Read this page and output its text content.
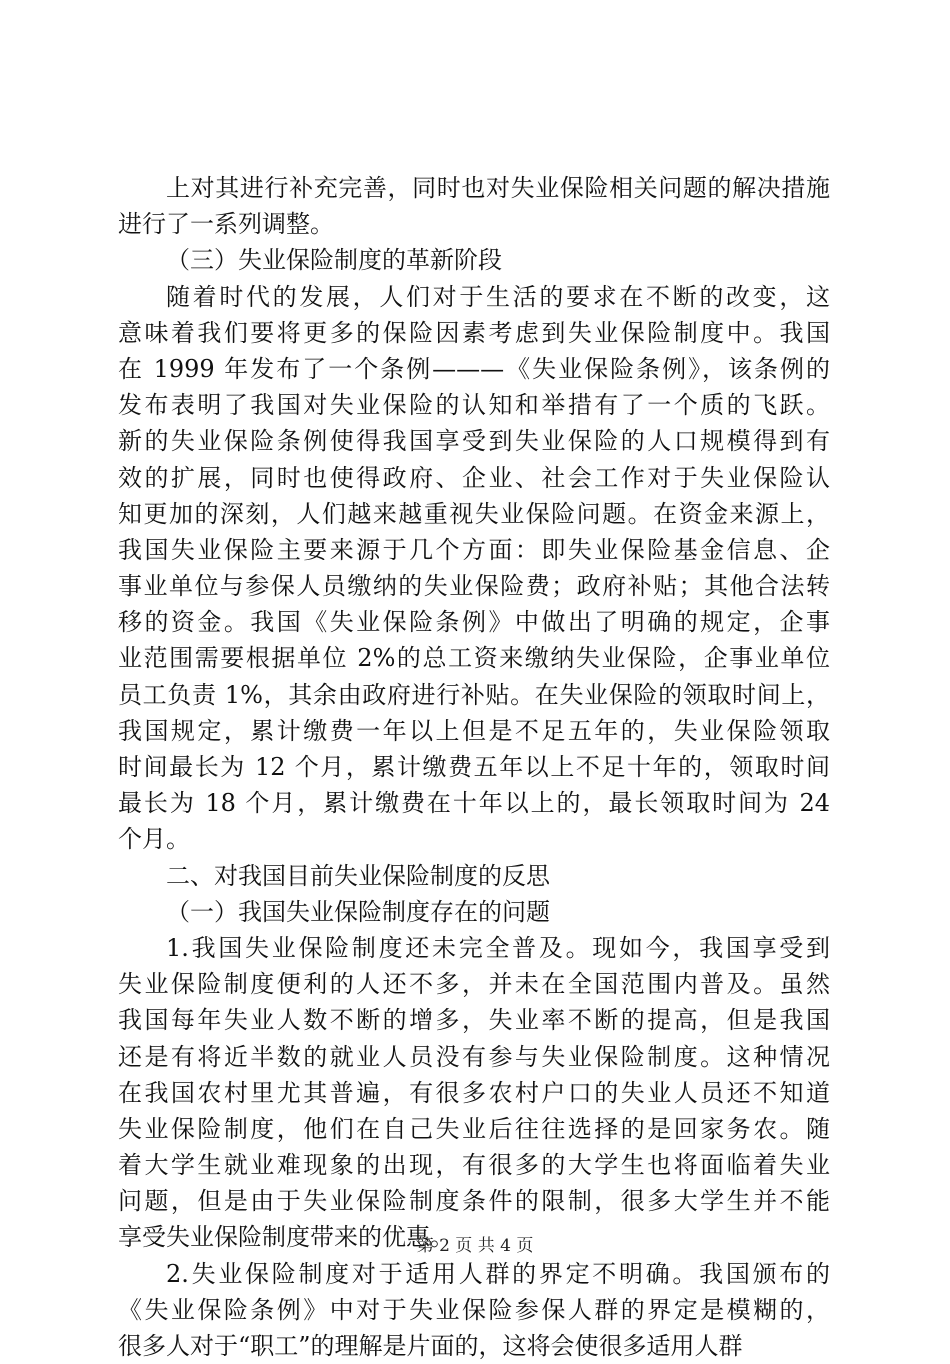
上对其进行补充完善，同时也对失业保险相关问题的解决措施
进行了一系列调整。
（三）失业保险制度的革新阶段
随着时代的发展，人们对于生活的要求在不断的改变，这
意味着我们要将更多的保险因素考虑到失业保险制度中。我国
在 1999 年发布了一个条例———《失业保险条例》，该条例的
发布表明了我国对失业保险的认知和举措有了一个质的飞跃。
新的失业保险条例使得我国享受到失业保险的人口规模得到有
效的扩展，同时也使得政府、企业、社会工作对于失业保险认
知更加的深刻，人们越来越重视失业保险问题。在资金来源上，
我国失业保险主要来源于几个方面：即失业保险基金信息、企
事业单位与参保人员缴纳的失业保险费；政府补贴；其他合法转
移的资金。我国《失业保险条例》中做出了明确的规定，企事
业范围需要根据单位 2%的总工资来缴纳失业保险，企事业单位
员工负责 1%，其余由政府进行补贴。在失业保险的领取时间上，
我国规定，累计缴费一年以上但是不足五年的，失业保险领取
时间最长为 12 个月，累计缴费五年以上不足十年的，领取时间
最长为 18 个月，累计缴费在十年以上的，最长领取时间为 24
个月。
二、对我国目前失业保险制度的反思
（一）我国失业保险制度存在的问题
1.我国失业保险制度还未完全普及。现如今，我国享受到
失业保险制度便利的人还不多，并未在全国范围内普及。虽然
我国每年失业人数不断的增多，失业率不断的提高，但是我国
还是有将近半数的就业人员没有参与失业保险制度。这种情况
在我国农村里尤其普遍，有很多农村户口的失业人员还不知道
失业保险制度，他们在自己失业后往往选择的是回家务农。随
着大学生就业难现象的出现，有很多的大学生也将面临着失业
问题，但是由于失业保险制度条件的限制，很多大学生并不能
享受失业保险制度带来的优惠。
2.失业保险制度对于适用人群的界定不明确。我国颁布的
《失业保险条例》中对于失业保险参保人群的界定是模糊的，
很多人对于“职工”的理解是片面的，这将会使很多适用人群
第 2 页 共 4 页
